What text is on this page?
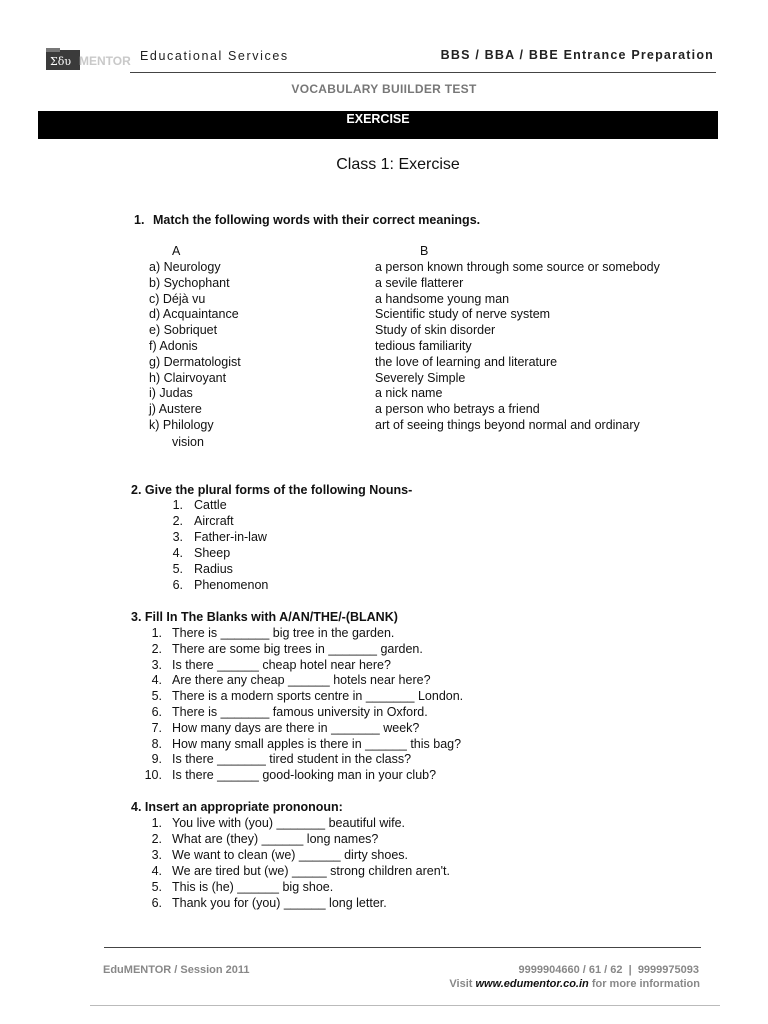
Σδυ MENTOR Educational Services	BBS / BBA / BBE Entrance Preparation
VOCABULARY BUIILDER TEST
EXERCISE
Class 1: Exercise
1. Match the following words with their correct meanings.
A	B
a) Neurology	a person known through some source or somebody
b) Sychophant	a sevile flatterer
c) Déjà vu	a handsome young man
d) Acquaintance	Scientific study of nerve system
e) Sobriquet	Study of skin disorder
f) Adonis	tedious familiarity
g) Dermatologist	the love of learning and literature
h) Clairvoyant	Severely Simple
i) Judas	a nick name
j) Austere	a person who betrays a friend
k) Philology	art of seeing things beyond normal and ordinary
vision
2. Give the plural forms of the following Nouns-
1. Cattle
2. Aircraft
3. Father-in-law
4. Sheep
5. Radius
6. Phenomenon
3. Fill In The Blanks with A/AN/THE/-(BLANK)
1. There is _______ big tree in the garden.
2. There are some big trees in _______ garden.
3. Is there ______ cheap hotel near here?
4. Are there any cheap ______ hotels near here?
5. There is a modern sports centre in _______ London.
6. There is _______ famous university in Oxford.
7. How many days are there in _______ week?
8. How many small apples is there in ______ this bag?
9. Is there _______ tired student in the class?
10. Is there ______ good-looking man in your club?
4. Insert an appropriate prononoun:
1. You live with (you) _______ beautiful wife.
2. What are (they) ______ long names?
3. We want to clean (we) ______ dirty shoes.
4. We are tired but (we) _____ strong children aren't.
5. This is (he) ______ big shoe.
6. Thank you for (you) ______ long letter.
EduMENTOR / Session 2011	9999904660 / 61 / 62  |  9999975093
Visit www.edumentor.co.in for more information
